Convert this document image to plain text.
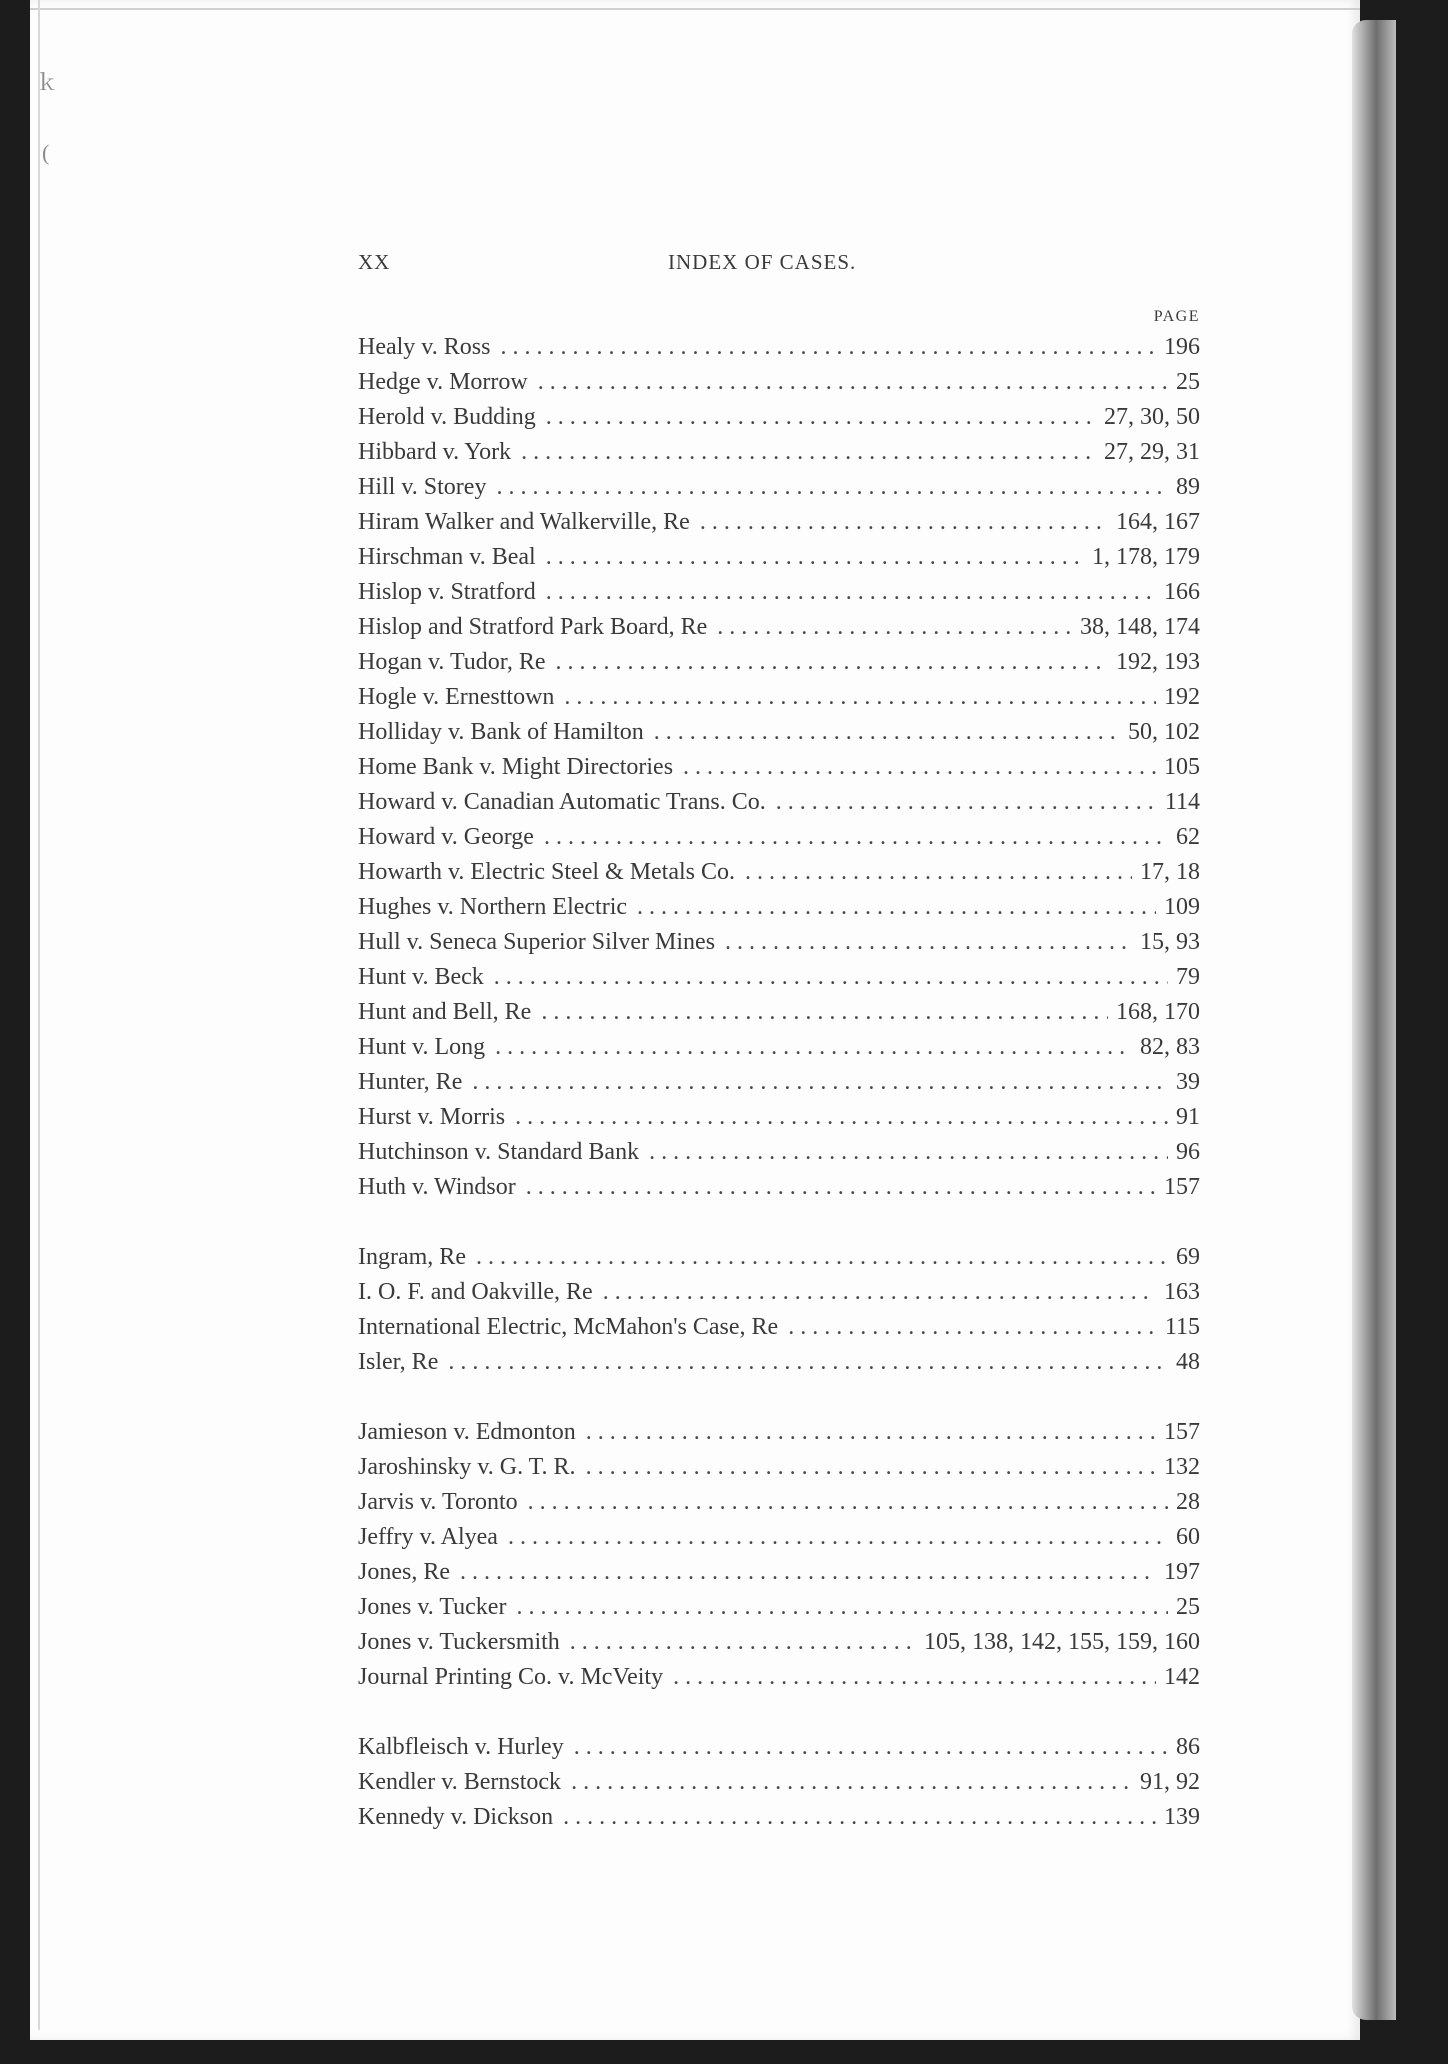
ｋ
(
XX	INDEX OF CASES.
PAGE
Healy v. Ross . . .	196
Hedge v. Morrow . . .	25
Herold v. Budding . . .	27, 30, 50
Hibbard v. York . . .	27, 29, 31
Hill v. Storey . . .	89
Hiram Walker and Walkerville, Re . . .	164, 167
Hirschman v. Beal . . .	1, 178, 179
Hislop v. Stratford . . .	166
Hislop and Stratford Park Board, Re . . .	38, 148, 174
Hogan v. Tudor, Re . . .	192, 193
Hogle v. Ernesttown . . .	192
Holliday v. Bank of Hamilton . . .	50, 102
Home Bank v. Might Directories . . .	105
Howard v. Canadian Automatic Trans. Co. . . .	114
Howard v. George . . .	62
Howarth v. Electric Steel & Metals Co. . . .	17, 18
Hughes v. Northern Electric . . .	109
Hull v. Seneca Superior Silver Mines . . .	15, 93
Hunt v. Beck . . .	79
Hunt and Bell, Re . . .	168, 170
Hunt v. Long . . .	82, 83
Hunter, Re . . .	39
Hurst v. Morris . . .	91
Hutchinson v. Standard Bank . . .	96
Huth v. Windsor . . .	157
Ingram, Re . . .	69
I. O. F. and Oakville, Re . . .	163
International Electric, McMahon's Case, Re . . .	115
Isler, Re . . .	48
Jamieson v. Edmonton . . .	157
Jaroshinsky v. G. T. R. . . .	132
Jarvis v. Toronto . . .	28
Jeffry v. Alyea . . .	60
Jones, Re . . .	197
Jones v. Tucker . . .	25
Jones v. Tuckersmith . . .	105, 138, 142, 155, 159, 160
Journal Printing Co. v. McVeity . . .	142
Kalbfleisch v. Hurley . . .	86
Kendler v. Bernstock . . .	91, 92
Kennedy v. Dickson . . .	139
